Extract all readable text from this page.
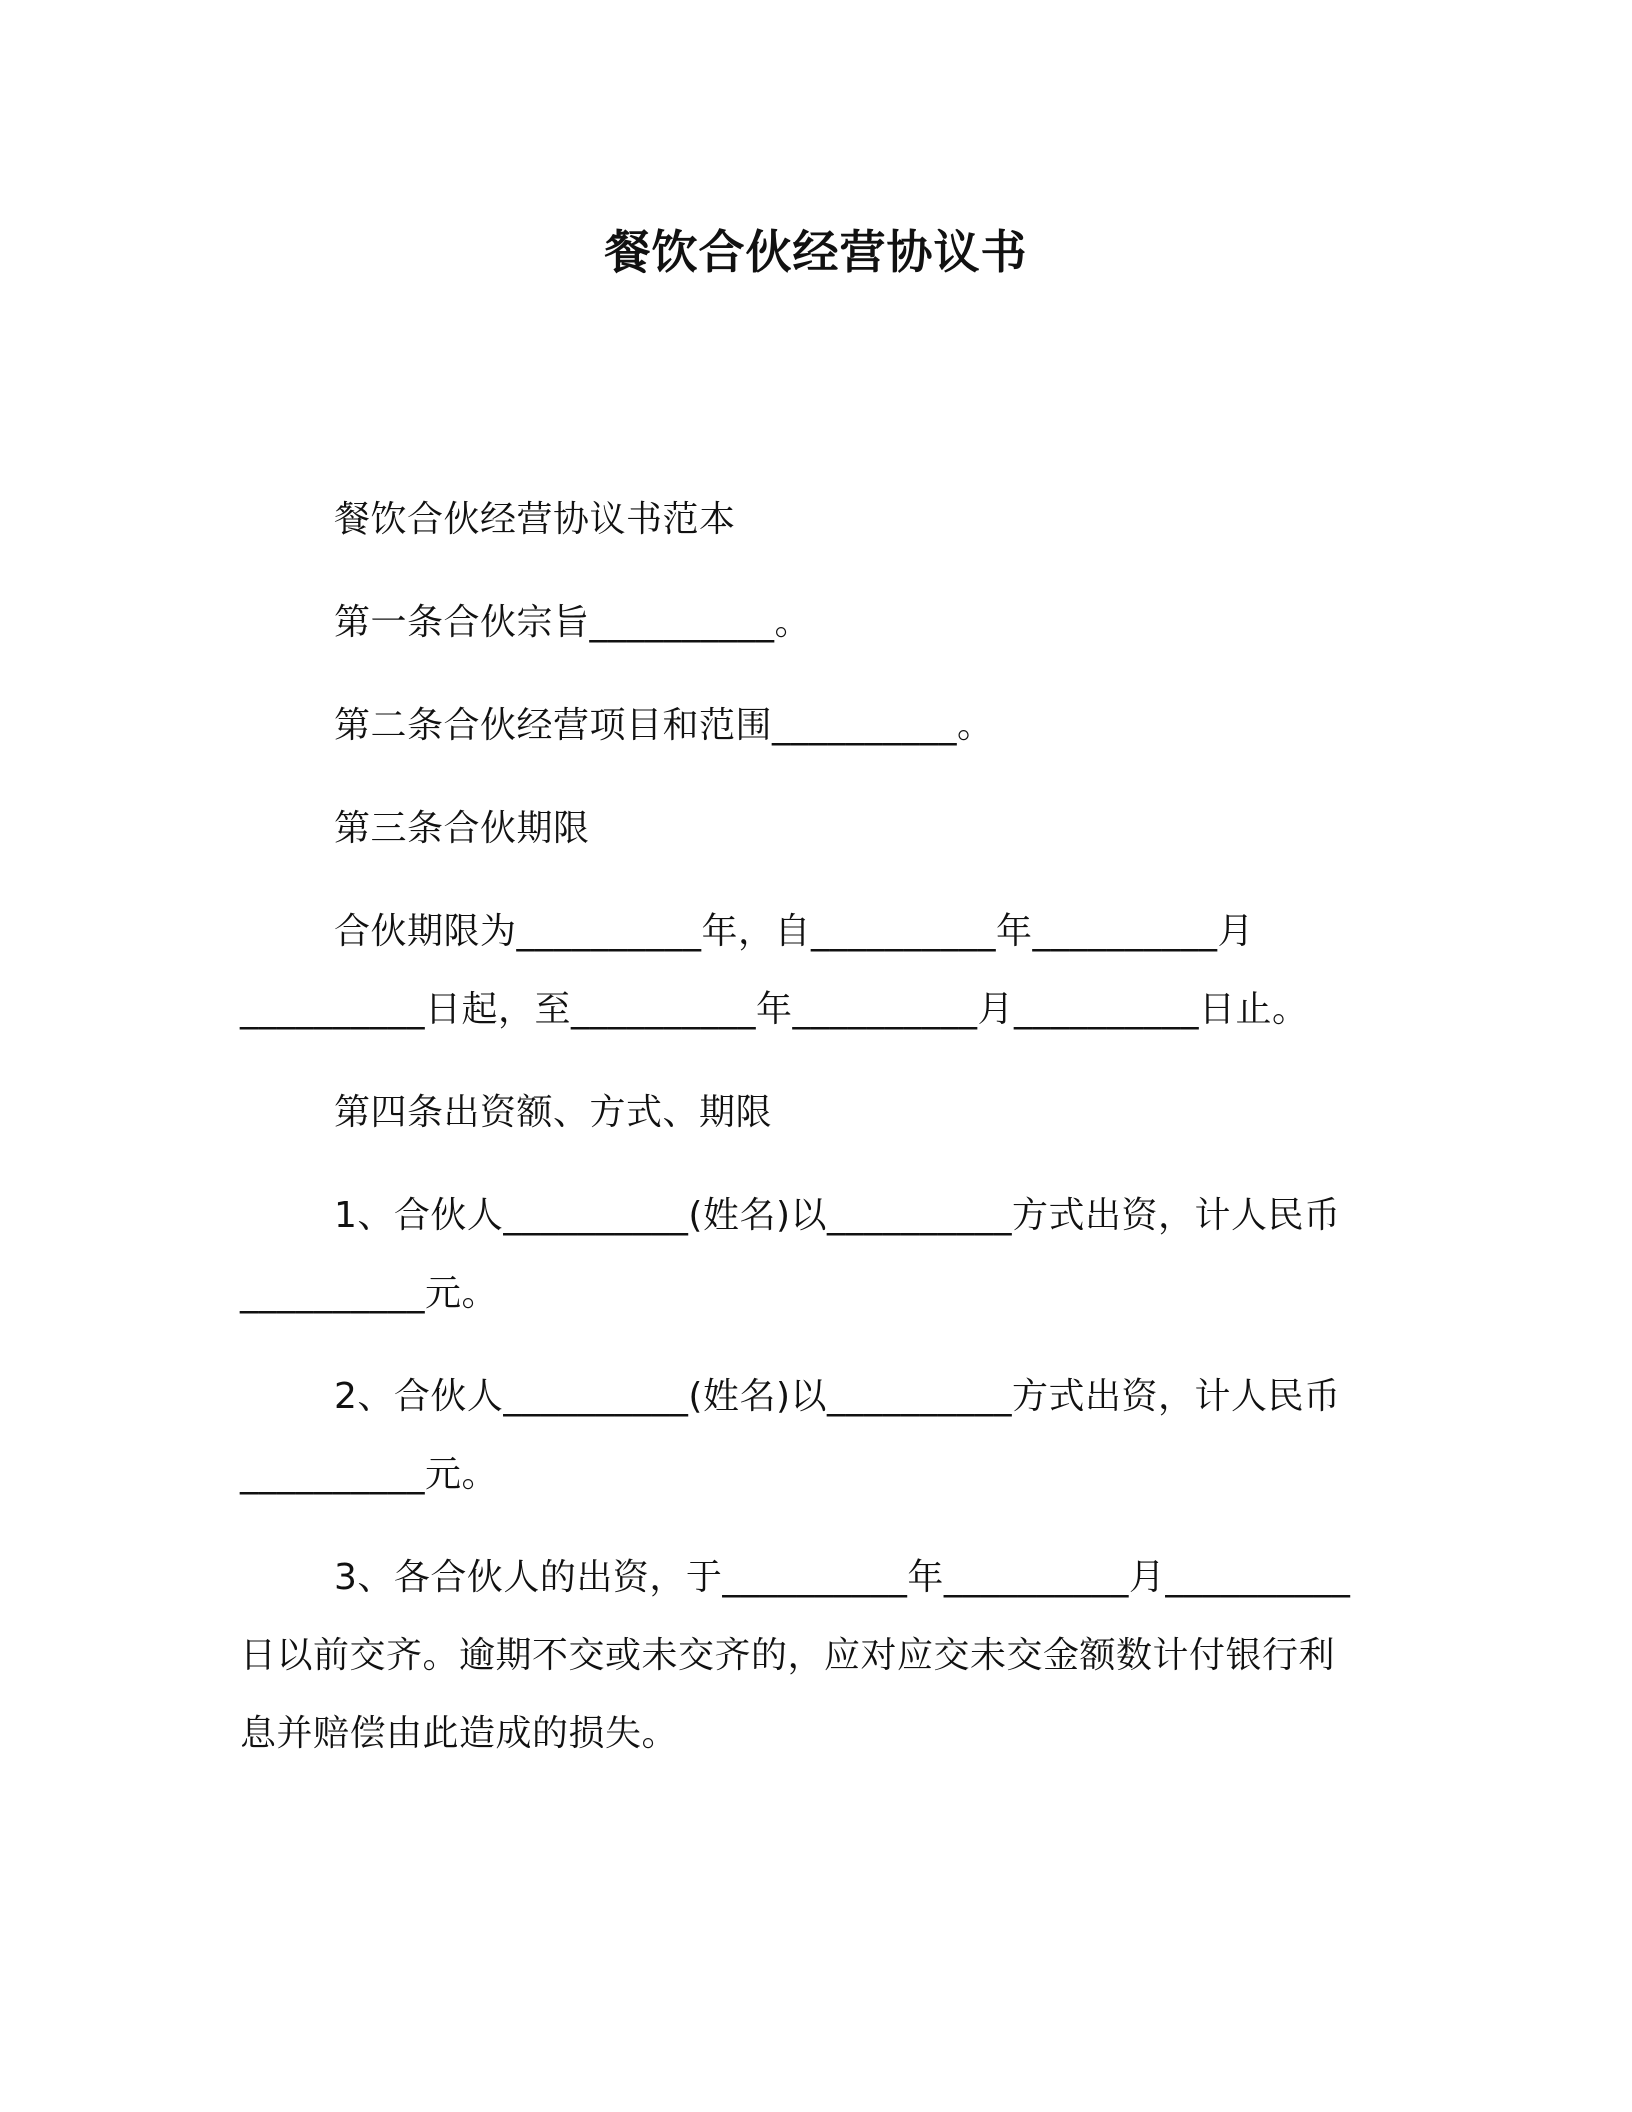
餐饮合伙经营协议书
餐饮合伙经营协议书范本
第一条合伙宗旨__________。
第二条合伙经营项目和范围__________。
第三条合伙期限
合伙期限为__________年，自__________年__________月
__________日起，至__________年__________月__________日止。
第四条出资额、方式、期限
1、合伙人__________(姓名)以__________方式出资，计人民币
__________元。
2、合伙人__________(姓名)以__________方式出资，计人民币
__________元。
3、各合伙人的出资，于__________年__________月__________
日以前交齐。逾期不交或未交齐的，应对应交未交金额数计付银行利
息并赔偿由此造成的损失。
